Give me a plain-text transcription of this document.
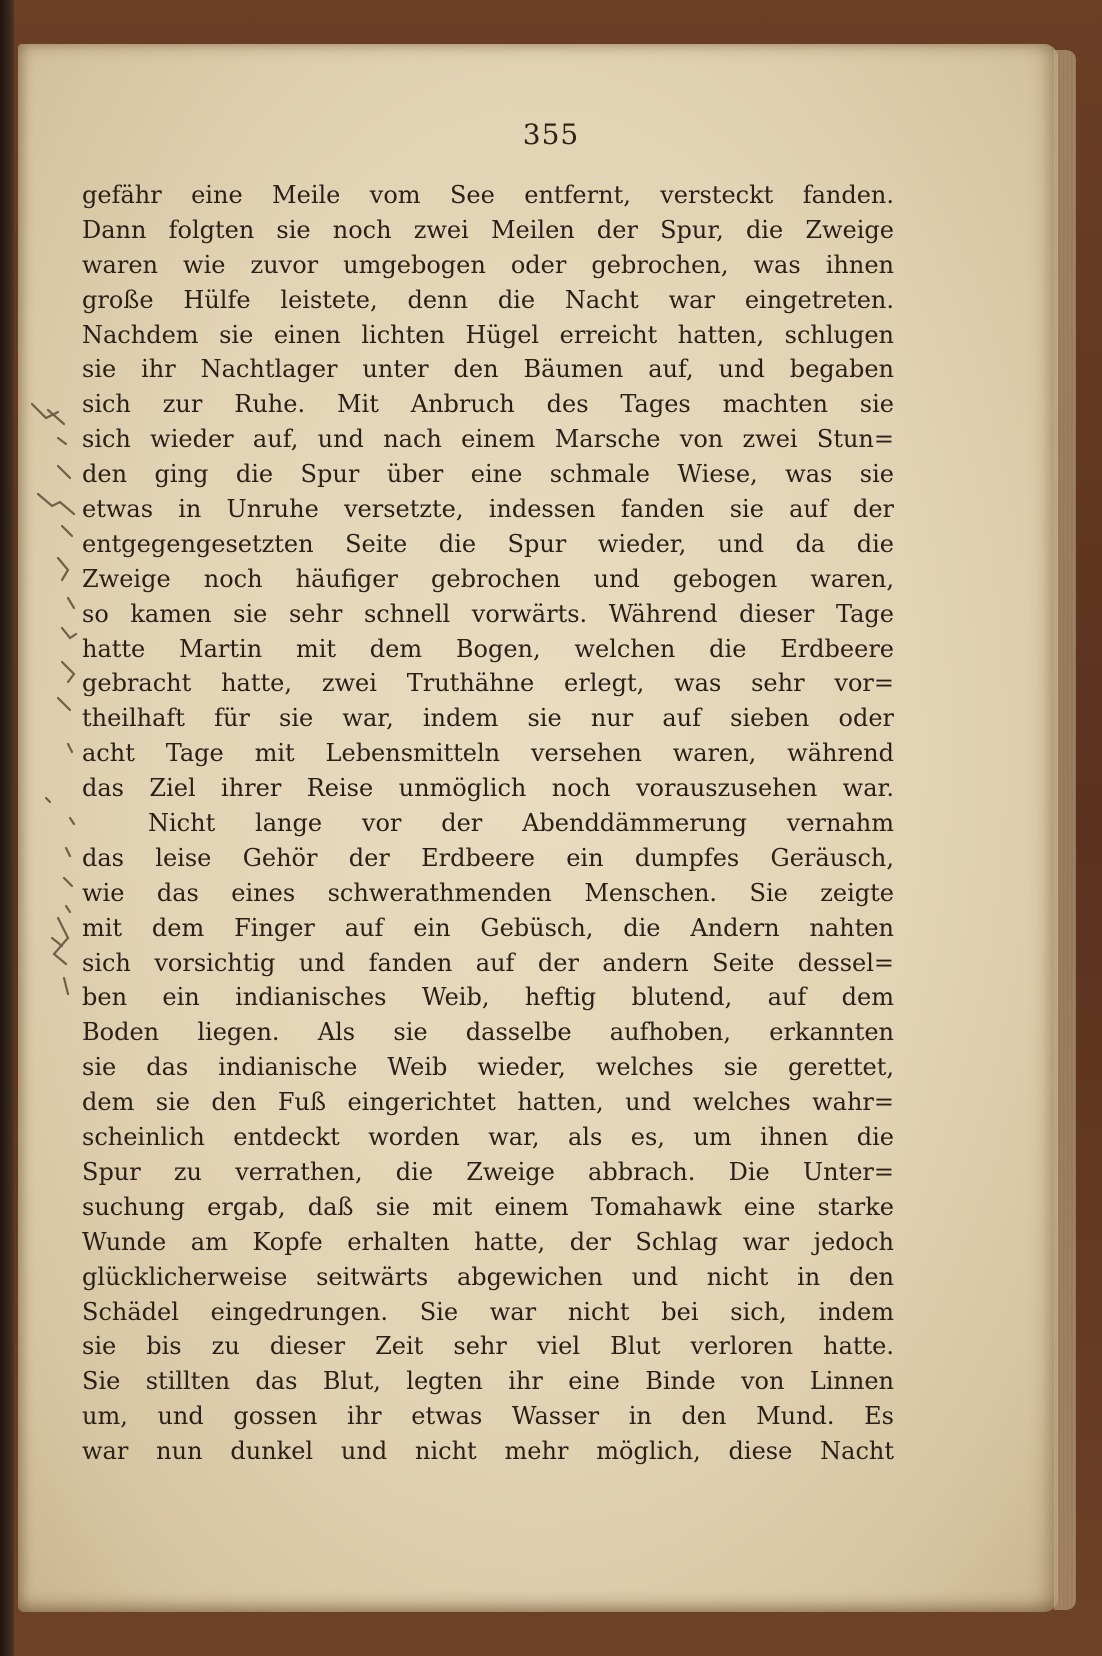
355
gefähr eine Meile vom See entfernt, versteckt fanden.
Dann folgten sie noch zwei Meilen der Spur, die Zweige
waren wie zuvor umgebogen oder gebrochen, was ihnen
große Hülfe leistete, denn die Nacht war eingetreten.
Nachdem sie einen lichten Hügel erreicht hatten, schlugen
sie ihr Nachtlager unter den Bäumen auf, und begaben
sich zur Ruhe. Mit Anbruch des Tages machten sie
sich wieder auf, und nach einem Marsche von zwei Stun=
den ging die Spur über eine schmale Wiese, was sie
etwas in Unruhe versetzte, indessen fanden sie auf der
entgegengesetzten Seite die Spur wieder, und da die
Zweige noch häufiger gebrochen und gebogen waren,
so kamen sie sehr schnell vorwärts. Während dieser Tage
hatte Martin mit dem Bogen, welchen die Erdbeere
gebracht hatte, zwei Truthähne erlegt, was sehr vor=
theilhaft für sie war, indem sie nur auf sieben oder
acht Tage mit Lebensmitteln versehen waren, während
das Ziel ihrer Reise unmöglich noch vorauszusehen war.
Nicht lange vor der Abenddämmerung vernahm
das leise Gehör der Erdbeere ein dumpfes Geräusch,
wie das eines schwerathmenden Menschen. Sie zeigte
mit dem Finger auf ein Gebüsch, die Andern nahten
sich vorsichtig und fanden auf der andern Seite dessel=
ben ein indianisches Weib, heftig blutend, auf dem
Boden liegen. Als sie dasselbe aufhoben, erkannten
sie das indianische Weib wieder, welches sie gerettet,
dem sie den Fuß eingerichtet hatten, und welches wahr=
scheinlich entdeckt worden war, als es, um ihnen die
Spur zu verrathen, die Zweige abbrach. Die Unter=
suchung ergab, daß sie mit einem Tomahawk eine starke
Wunde am Kopfe erhalten hatte, der Schlag war jedoch
glücklicherweise seitwärts abgewichen und nicht in den
Schädel eingedrungen. Sie war nicht bei sich, indem
sie bis zu dieser Zeit sehr viel Blut verloren hatte.
Sie stillten das Blut, legten ihr eine Binde von Linnen
um, und gossen ihr etwas Wasser in den Mund. Es
war nun dunkel und nicht mehr möglich, diese Nacht
